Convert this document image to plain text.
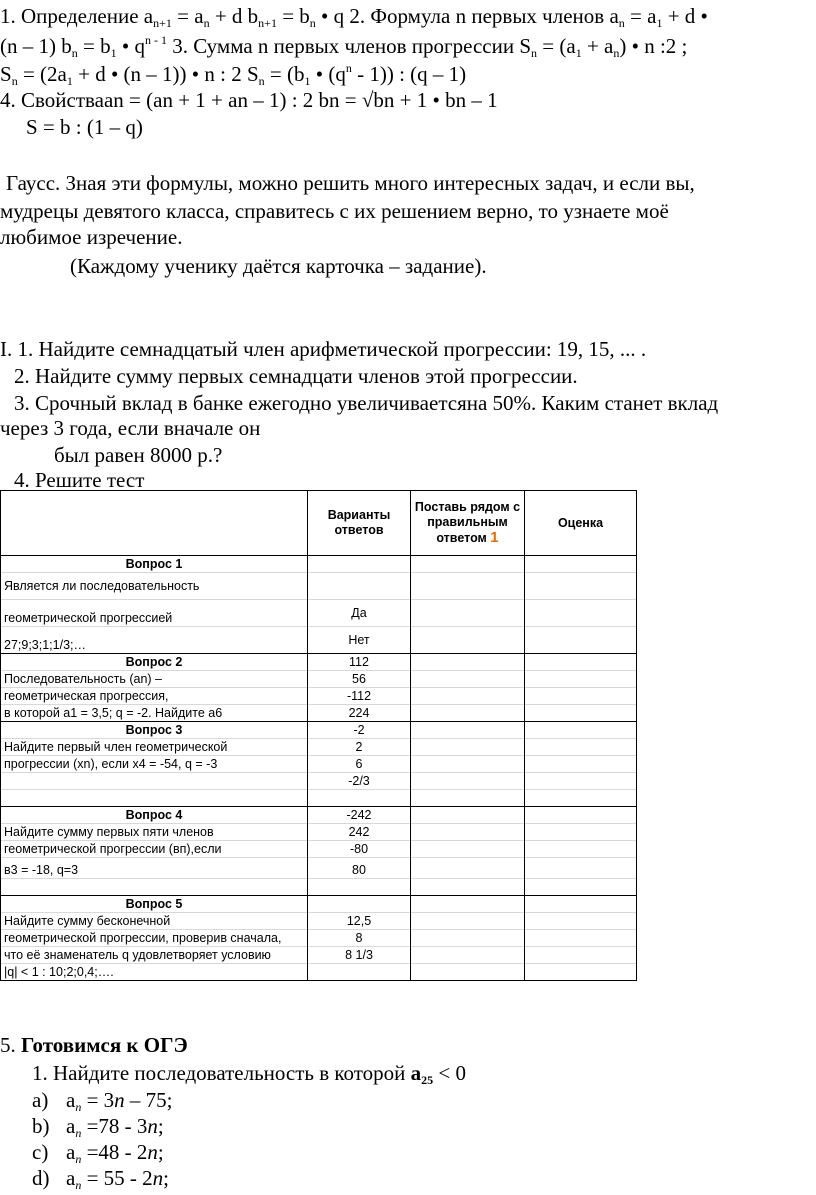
1. Определение $a_{n+1} = a_n + d$ $b_{n+1} = b_n$ • q 2. Формула n первых членов $a_n = a_1 + d$ •
(n – 1) $b_n = b_1$ • $q^{n - 1}$ 3. Сумма n первых членов прогрессии $S_n = (a_1 + a_n)$ • n :2 ;
$S_n = (2a_1 + d$ • (n – 1)) • n : 2 $S_n = (b_1$ • $(q^n - 1)$) : (q – 1)
4. Свойстваan = (an + 1 + an – 1) : 2 bn = √bn + 1 • bn – 1
S = b : (1 – q)
Гаусс. Зная эти формулы, можно решить много интересных задач, и если вы,
мудрецы девятого класса, справитесь с их решением верно, то узнаете моё
любимое изречение.
(Каждому ученику даётся карточка – задание).
I. 1. Найдите семнадцатый член арифметической прогрессии: 19, 15, ... .
2. Найдите сумму первых семнадцати членов этой прогрессии.
3. Срочный вклад в банке ежегодно увеличиваетсяна 50%. Каким станет вклад
через 3 года, если вначале он
был равен 8000 р.?
4. Решите тест
	Варианты ответов	Поставь рядом с правильным ответом 1	Оценка
Вопрос 1			
Является ли последовательность			
геометрической прогрессией	Да		
27;9;3;1;1/3;…	Нет		
Вопрос 2	112		
Последовательность (an) –	56		
геометрическая прогрессия,	-112		
в которой a1 = 3,5; q = -2. Найдите a6	224		
Вопрос 3	-2		
Найдите первый член геометрической	2		
прогрессии (xn), если x4 = -54, q = -3	6		
	-2/3		

Вопрос 4	-242		
Найдите сумму первых пяти членов	242		
геометрической прогрессии (вп),если	-80		
в3 = -18, q=3	80		

Вопрос 5			
Найдите сумму бесконечной	12,5		
геометрической прогрессии, проверив сначала,	8		
что её знаменатель q удовлетворяет условию	8 1/3		
|q| < 1 : 10;2;0,4;….			
5. Готовимся к ОГЭ
1. Найдите последовательность в которой $a_{25} < 0$
a) $a_n = 3n - 75$;
b) $a_n =78 - 3n$;
c) $a_n =48 - 2n$;
d) $a_n = 55 - 2n$;
